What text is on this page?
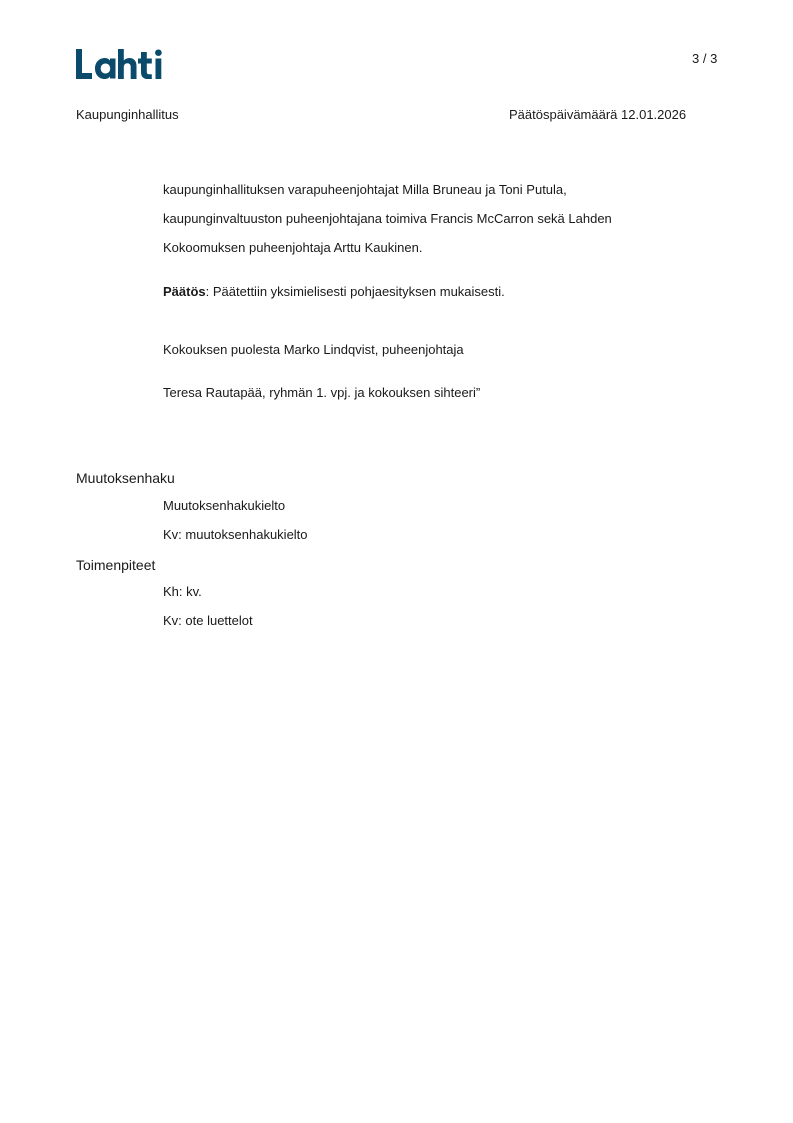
3 / 3
Kaupunginhallitus	Päätöspäivämäärä 12.01.2026
kaupunginhallituksen varapuheenjohtajat Milla Bruneau ja Toni Putula,
kaupunginvaltuuston puheenjohtajana toimiva Francis McCarron sekä Lahden
Kokoomuksen puheenjohtaja Arttu Kaukinen.
Päätös: Päätettiin yksimielisesti pohjaesityksen mukaisesti.
Kokouksen puolesta Marko Lindqvist, puheenjohtaja
Teresa Rautapää, ryhmän 1. vpj. ja kokouksen sihteeri”
Muutoksenhaku
Muutoksenhakukielto
Kv: muutoksenhakukielto
Toimenpiteet
Kh: kv.
Kv: ote luettelot
